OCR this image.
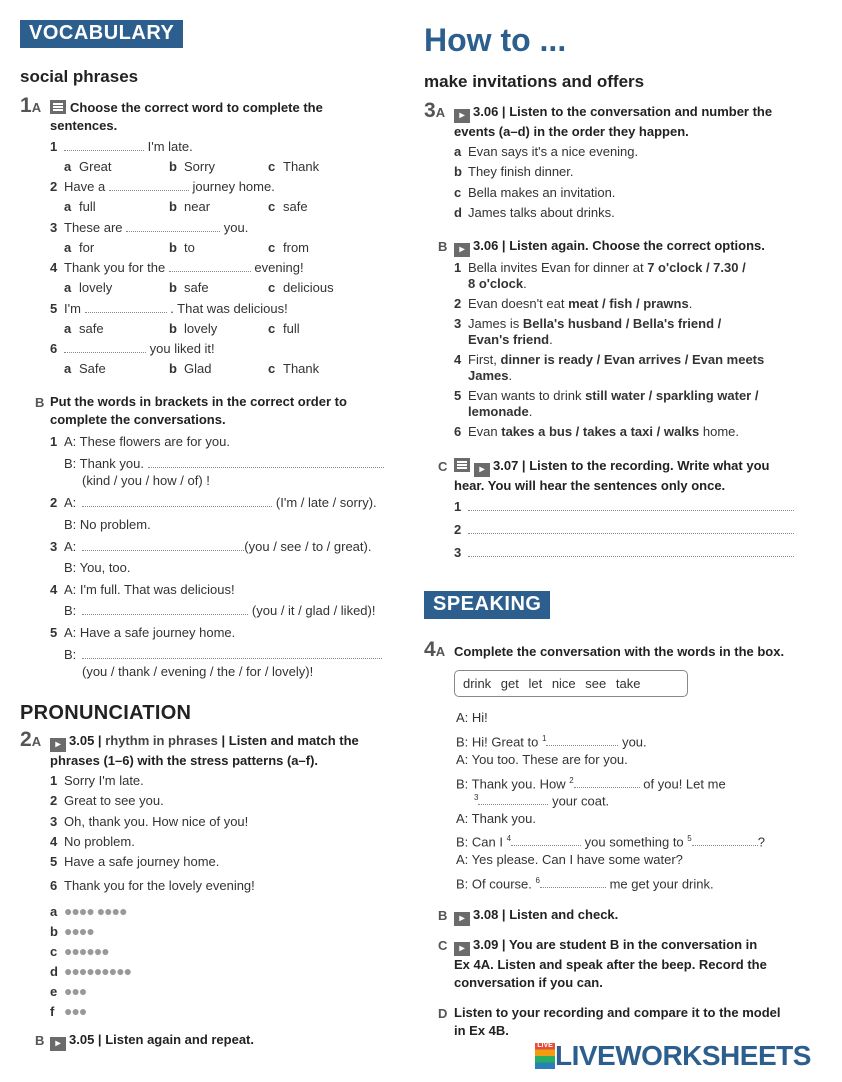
VOCABULARY
social phrases
1A	Choose the correct word to complete the
sentences.
1	I'm late.
a Great	b Sorry	c Thank
2 Have a	journey home.
a full	b near	c safe
3 These are	you.
a for	b to	c from
4 Thank you for the	evening!
a lovely	b safe	c delicious
5 I'm	. That was delicious!
a safe	b lovely	c full
6	you liked it!
a Safe	b Glad	c Thank
B Put the words in brackets in the correct order to
complete the conversations.
1 A: These flowers are for you.
B: Thank you.
(kind / you / how / of) !
2 A:	(I'm / late / sorry).
B: No problem.
3 A:	(you / see / to / great).
B: You, too.
4 A: I'm full. That was delicious!
B:	(you / it / glad / liked)!
5 A: Have a safe journey home.
B:
(you / thank / evening / the / for / lovely)!
PRONUNCIATION
2A	▸ 3.05 | rhythm in phrases | Listen and match the
phrases (1–6) with the stress patterns (a–f).
1 Sorry I'm late.
2 Great to see you.
3 Oh, thank you. How nice of you!
4 No problem.
5 Have a safe journey home.
6 Thank you for the lovely evening!
a ●●●● ●●●●
b ●●●●
c ●●●●●●
d ●●●●●●●●●
e ●●●
f ●●●
B	▸ 3.05 | Listen again and repeat.
How to ...
make invitations and offers
3A	▸ 3.06 | Listen to the conversation and number the
events (a–d) in the order they happen.
a Evan says it's a nice evening.
b They finish dinner.
c Bella makes an invitation.
d James talks about drinks.
B	▸ 3.06 | Listen again. Choose the correct options.
1 Bella invites Evan for dinner at 7 o'clock / 7.30 /
8 o'clock.
2 Evan doesn't eat meat / fish / prawns.
3 James is Bella's husband / Bella's friend /
Evan's friend.
4 First, dinner is ready / Evan arrives / Evan meets
James.
5 Evan wants to drink still water / sparkling water /
lemonade.
6 Evan takes a bus / takes a taxi / walks home.
C	▸ 3.07 | Listen to the recording. Write what you
hear. You will hear the sentences only once.
1
2
3
SPEAKING
4A Complete the conversation with the words in the box.
drink get let nice see take
A: Hi!
B: Hi! Great to $^1$	you.
A: You too. These are for you.
B: Thank you. How $^2$	of you! Let me
$^3$	your coat.
A: Thank you.
B: Can I $^4$	you something to $^5$	?
A: Yes please. Can I have some water?
B: Of course. $^6$	me get your drink.
B	▸ 3.08 | Listen and check.
C	▸ 3.09 | You are student B in the conversation in
Ex 4A. Listen and speak after the beep. Record the
conversation if you can.
D Listen to your recording and compare it to the model
in Ex 4B.
LIVELIVEWORKSHEETS
